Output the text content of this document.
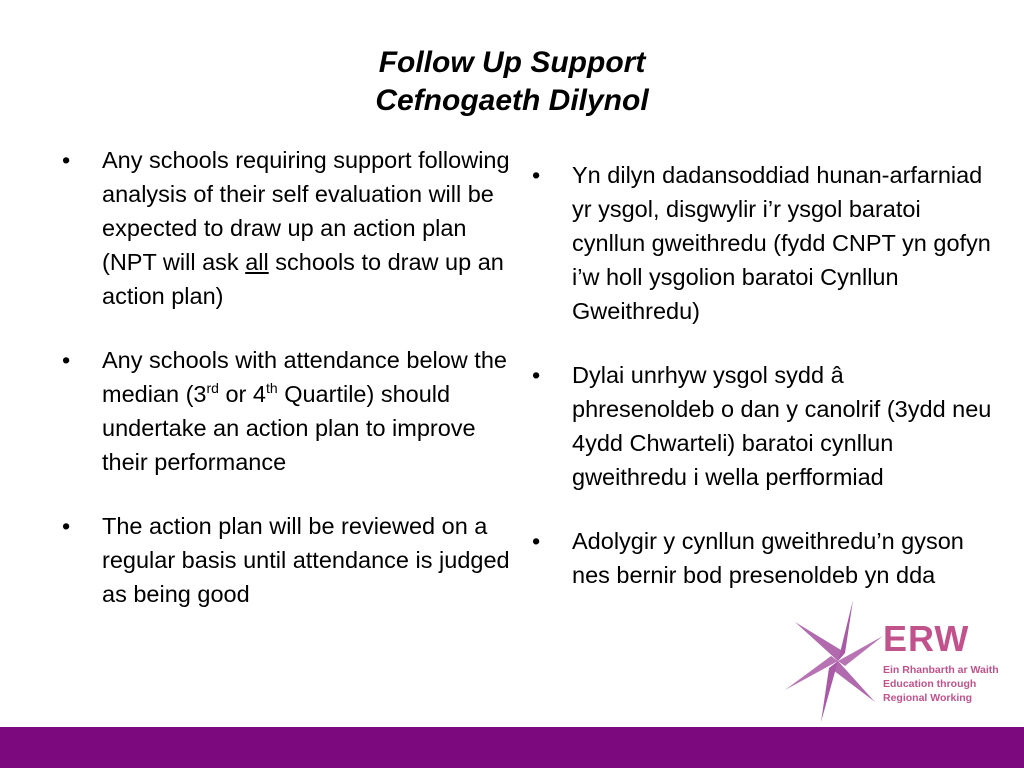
Follow Up Support
Cefnogaeth Dilynol
•	Any schools requiring support following analysis of their self evaluation will be expected to draw up an action plan (NPT will ask all schools to draw up an action plan)
•	Any schools with attendance below the median (3rd or 4th Quartile) should undertake an action plan to improve their performance
•	The action plan will be reviewed on a regular basis until attendance is judged as being good
•	Yn dilyn dadansoddiad hunan-arfarniad yr ysgol, disgwylir i’r ysgol baratoi cynllun gweithredu (fydd CNPT yn gofyn i’w holl ysgolion baratoi Cynllun Gweithredu)
•	Dylai unrhyw ysgol sydd â phresenoldeb o dan y canolrif (3ydd neu 4ydd Chwarteli) baratoi cynllun gweithredu i wella perfformiad
•	Adolygir y cynllun gweithredu’n gyson nes bernir bod presenoldeb yn dda
ERW
Ein Rhanbarth ar Waith
Education through
Regional Working
